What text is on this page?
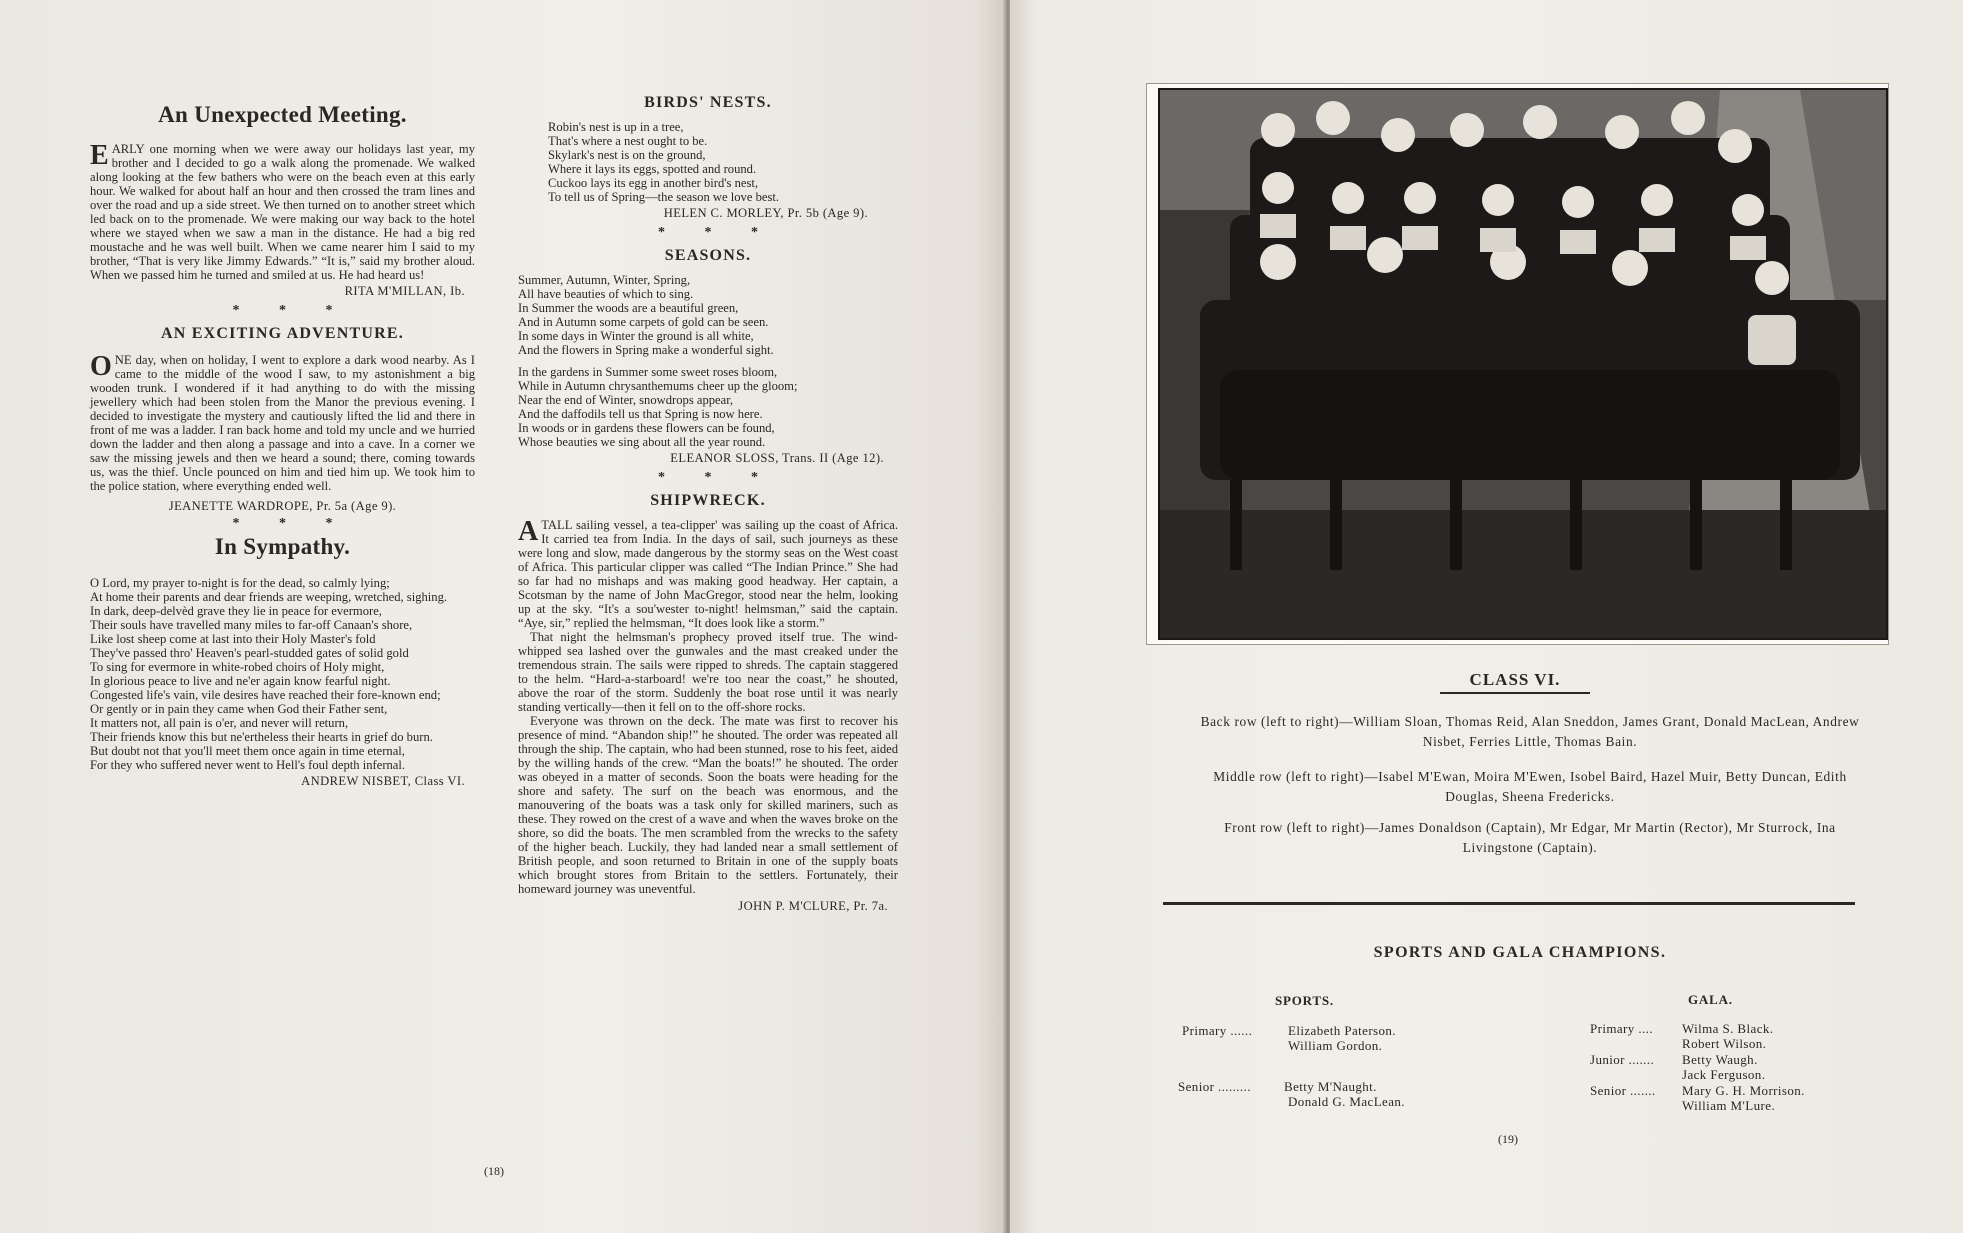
An Unexpected Meeting.

EARLY one morning when we were away our holidays last year, my brother and I decided to go a walk along the promenade. We walked along looking at the few bathers who were on the beach even at this early hour. We walked for about half an hour and then crossed the tram lines and over the road and up a side street. We then turned on to another street which led back on to the promenade. We were making our way back to the hotel where we stayed when we saw a man in the distance. He had a big red moustache and he was well built. When we came nearer him I said to my brother, “That is very like Jimmy Edwards.” “It is,” said my brother aloud. When we passed him he turned and smiled at us. He had heard us!

RITA M'MILLAN, Ib.
* * *
AN EXCITING ADVENTURE.

ONE day, when on holiday, I went to explore a dark wood nearby. As I came to the middle of the wood I saw, to my astonishment a big wooden trunk. I wondered if it had anything to do with the missing jewellery which had been stolen from the Manor the previous evening. I decided to investigate the mystery and cautiously lifted the lid and there in front of me was a ladder. I ran back home and told my uncle and we hurried down the ladder and then along a passage and into a cave. In a corner we saw the missing jewels and then we heard a sound; there, coming towards us, was the thief. Uncle pounced on him and tied him up. We took him to the police station, where everything ended well.

JEANETTE WARDROPE, Pr. 5a (Age 9).
* * *
In Sympathy.
O Lord, my prayer to-night is for the dead, so calmly lying;
At home their parents and dear friends are weeping, wretched, sighing.
In dark, deep-delvèd grave they lie in peace for evermore,
Their souls have travelled many miles to far-off Canaan's shore,
Like lost sheep come at last into their Holy Master's fold
They've passed thro' Heaven's pearl-studded gates of solid gold
To sing for evermore in white-robed choirs of Holy might,
In glorious peace to live and ne'er again know fearful night.
Congested life's vain, vile desires have reached their fore-known end;
Or gently or in pain they came when God their Father sent,
It matters not, all pain is o'er, and never will return,
Their friends know this but ne'ertheless their hearts in grief do burn.
But doubt not that you'll meet them once again in time eternal,
For they who suffered never went to Hell's foul depth infernal.
ANDREW NISBET, Class VI.
BIRDS' NESTS.
Robin's nest is up in a tree,
That's where a nest ought to be.
Skylark's nest is on the ground,
Where it lays its eggs, spotted and round.
Cuckoo lays its egg in another bird's nest,
To tell us of Spring—the season we love best.
HELEN C. MORLEY, Pr. 5b (Age 9).
* * *
SEASONS.
Summer, Autumn, Winter, Spring,
All have beauties of which to sing.
In Summer the woods are a beautiful green,
And in Autumn some carpets of gold can be seen.
In some days in Winter the ground is all white,
And the flowers in Spring make a wonderful sight.
In the gardens in Summer some sweet roses bloom,
While in Autumn chrysanthemums cheer up the gloom;
Near the end of Winter, snowdrops appear,
And the daffodils tell us that Spring is now here.
In woods or in gardens these flowers can be found,
Whose beauties we sing about all the year round.
ELEANOR SLOSS, Trans. II (Age 12).
* * *
SHIPWRECK.

ATALL sailing vessel, a tea-clipper' was sailing up the coast of Africa. It carried tea from India. In the days of sail, such journeys as these were long and slow, made dangerous by the stormy seas on the West coast of Africa. This particular clipper was called “The Indian Prince.” She had so far had no mishaps and was making good headway. Her captain, a Scotsman by the name of John MacGregor, stood near the helm, looking up at the sky. “It's a sou'wester to-night! helmsman,” said the captain. “Aye, sir,” replied the helmsman, “It does look like a storm.”

That night the helmsman's prophecy proved itself true. The wind-whipped sea lashed over the gunwales and the mast creaked under the tremendous strain. The sails were ripped to shreds. The captain staggered to the helm. “Hard-a-starboard! we're too near the coast,” he shouted, above the roar of the storm. Suddenly the boat rose until it was nearly standing vertically—then it fell on to the off-shore rocks.

Everyone was thrown on the deck. The mate was first to recover his presence of mind. “Abandon ship!” he shouted. The order was repeated all through the ship. The captain, who had been stunned, rose to his feet, aided by the willing hands of the crew. “Man the boats!” he shouted. The order was obeyed in a matter of seconds. Soon the boats were heading for the shore and safety. The surf on the beach was enormous, and the manouvering of the boats was a task only for skilled mariners, such as these. They rowed on the crest of a wave and when the waves broke on the shore, so did the boats. The men scrambled from the wrecks to the safety of the higher beach. Luckily, they had landed near a small settlement of British people, and soon returned to Britain in one of the supply boats which brought stores from Britain to the settlers. Fortunately, their homeward journey was uneventful.

JOHN P. M'CLURE, Pr. 7a.
(18)
CLASS VI.
Back row (left to right)—William Sloan, Thomas Reid, Alan Sneddon, James Grant, Donald MacLean, Andrew Nisbet, Ferries Little, Thomas Bain.
Middle row (left to right)—Isabel M'Ewan, Moira M'Ewen, Isobel Baird, Hazel Muir, Betty Duncan, Edith Douglas, Sheena Fredericks.
Front row (left to right)—James Donaldson (Captain), Mr Edgar, Mr Martin (Rector), Mr Sturrock, Ina Livingstone (Captain).
SPORTS AND GALA CHAMPIONS.
SPORTS.
Primary ......	Elizabeth Paterson.
William Gordon.
Senior .........	Betty M'Naught.
Donald G. MacLean.
GALA.
Primary .... Wilma S. Black.
Robert Wilson.
Junior ....... Betty Waugh.
Jack Ferguson.
Senior ....... Mary G. H. Morrison.
William M'Lure.
(19)
